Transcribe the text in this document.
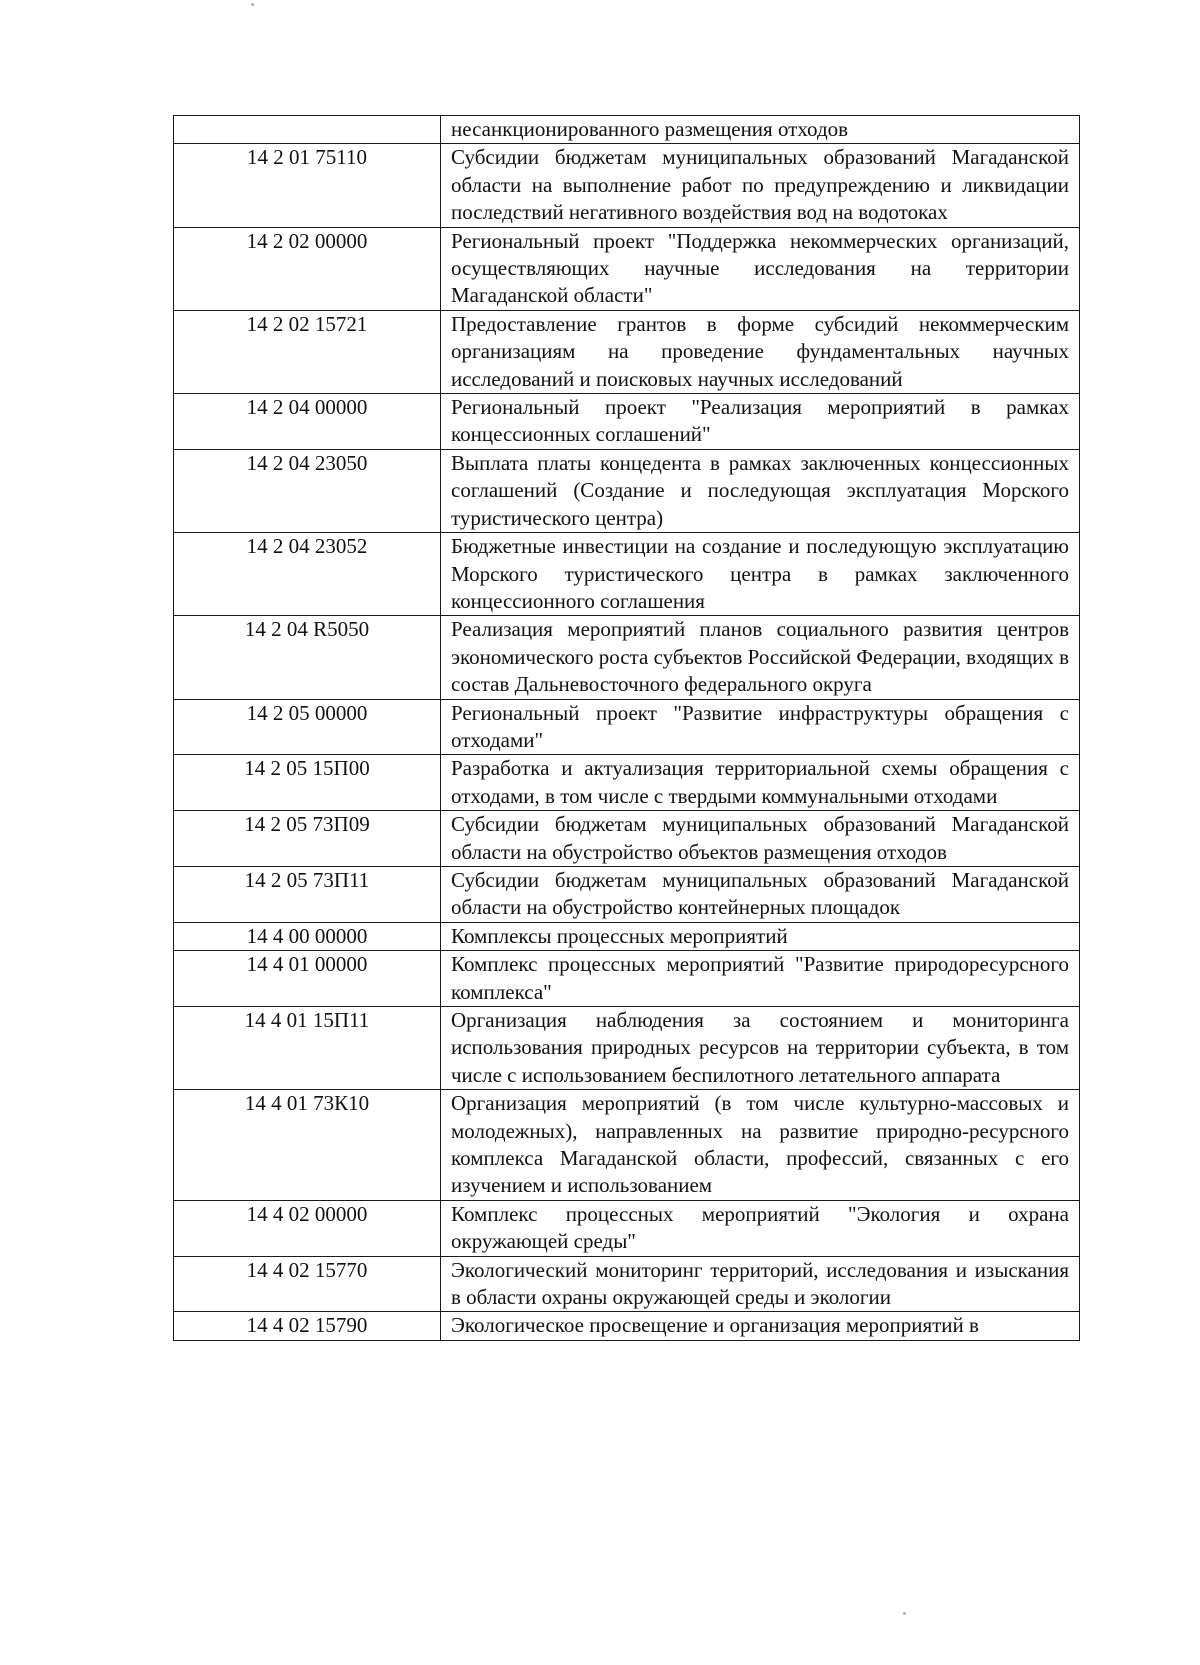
	несанкционированного размещения отходов
14 2 01 75110	Субсидии бюджетам муниципальных образований Магаданской области на выполнение работ по предупреждению и ликвидации последствий негативного воздействия вод на водотоках
14 2 02 00000	Региональный проект "Поддержка некоммерческих организаций, осуществляющих научные исследования на территории Магаданской области"
14 2 02 15721	Предоставление грантов в форме субсидий некоммерческим организациям на проведение фундаментальных научных исследований и поисковых научных исследований
14 2 04 00000	Региональный проект "Реализация мероприятий в рамках концессионных соглашений"
14 2 04 23050	Выплата платы концедента в рамках заключенных концессионных соглашений (Создание и последующая эксплуатация Морского туристического центра)
14 2 04 23052	Бюджетные инвестиции на создание и последующую эксплуатацию Морского туристического центра в рамках заключенного концессионного соглашения
14 2 04 R5050	Реализация мероприятий планов социального развития центров экономического роста субъектов Российской Федерации, входящих в состав Дальневосточного федерального округа
14 2 05 00000	Региональный проект "Развитие инфраструктуры обращения с отходами"
14 2 05 15П00	Разработка и актуализация территориальной схемы обращения с отходами, в том числе с твердыми коммунальными отходами
14 2 05 73П09	Субсидии бюджетам муниципальных образований Магаданской области на обустройство объектов размещения отходов
14 2 05 73П11	Субсидии бюджетам муниципальных образований Магаданской области на обустройство контейнерных площадок
14 4 00 00000	Комплексы процессных мероприятий
14 4 01 00000	Комплекс процессных мероприятий "Развитие природоресурсного комплекса"
14 4 01 15П11	Организация наблюдения за состоянием и мониторинга использования природных ресурсов на территории субъекта, в том числе с использованием беспилотного летательного аппарата
14 4 01 73К10	Организация мероприятий (в том числе культурно-массовых и молодежных), направленных на развитие природно-ресурсного комплекса Магаданской области, профессий, связанных с его изучением и использованием
14 4 02 00000	Комплекс процессных мероприятий "Экология и охрана окружающей среды"
14 4 02 15770	Экологический мониторинг территорий, исследования и изыскания в области охраны окружающей среды и экологии
14 4 02 15790	Экологическое просвещение и организация мероприятий в
